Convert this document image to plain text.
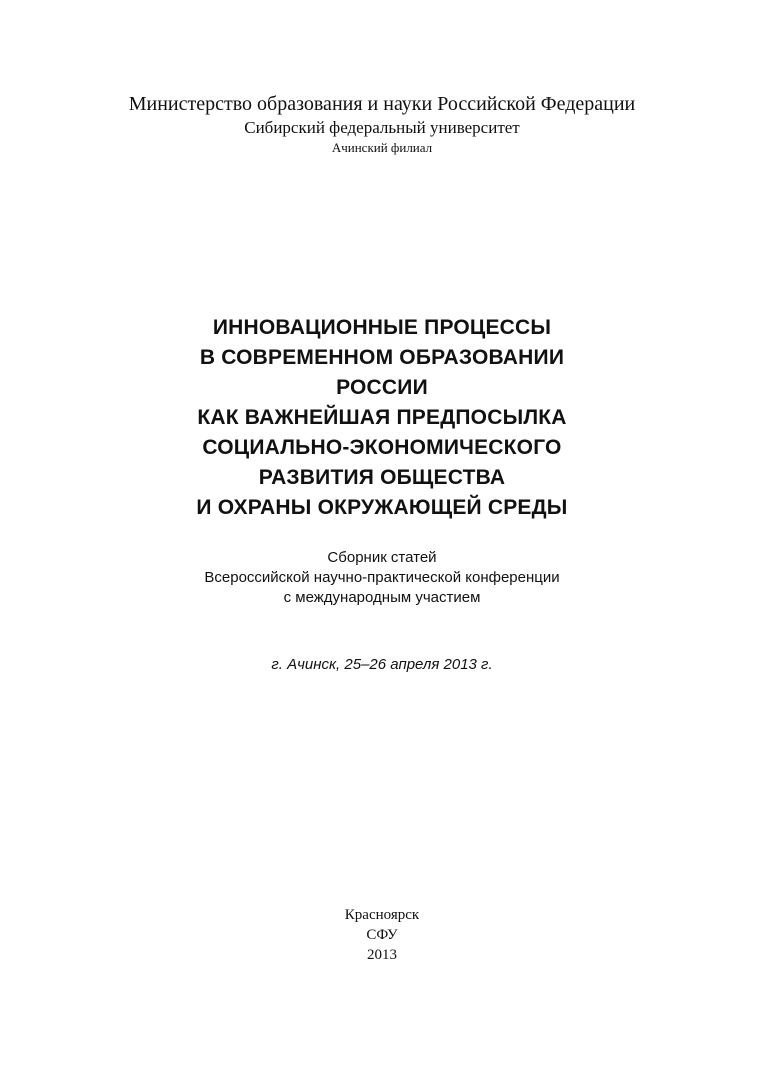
Министерство образования и науки Российской Федерации
Сибирский федеральный университет
Ачинский филиал
ИННОВАЦИОННЫЕ ПРОЦЕССЫ
В СОВРЕМЕННОМ ОБРАЗОВАНИИ
РОССИИ
КАК ВАЖНЕЙШАЯ ПРЕДПОСЫЛКА
СОЦИАЛЬНО-ЭКОНОМИЧЕСКОГО
РАЗВИТИЯ ОБЩЕСТВА
И ОХРАНЫ ОКРУЖАЮЩЕЙ СРЕДЫ
Сборник статей
Всероссийской научно-практической конференции
с международным участием
г. Ачинск, 25–26 апреля 2013 г.
Красноярск
СФУ
2013
